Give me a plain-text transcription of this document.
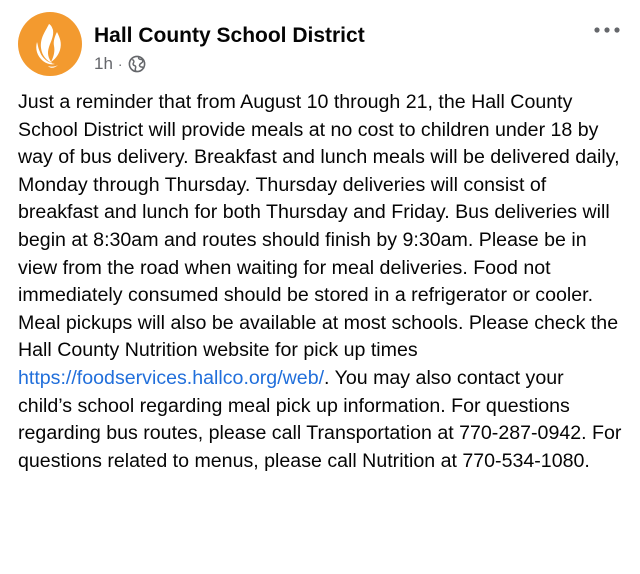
Hall County School District
1h ·
Just a reminder that from August 10 through 21, the Hall County School District will provide meals at no cost to children under 18 by way of bus delivery. Breakfast and lunch meals will be delivered daily, Monday through Thursday. Thursday deliveries will consist of breakfast and lunch for both Thursday and Friday. Bus deliveries will begin at 8:30am and routes should finish by 9:30am. Please be in view from the road when waiting for meal deliveries. Food not immediately consumed should be stored in a refrigerator or cooler. Meal pickups will also be available at most schools. Please check the Hall County Nutrition website for pick up times https://foodservices.hallco.org/web/. You may also contact your child’s school regarding meal pick up information. For questions regarding bus routes, please call Transportation at 770-287-0942. For questions related to menus, please call Nutrition at 770-534-1080.
